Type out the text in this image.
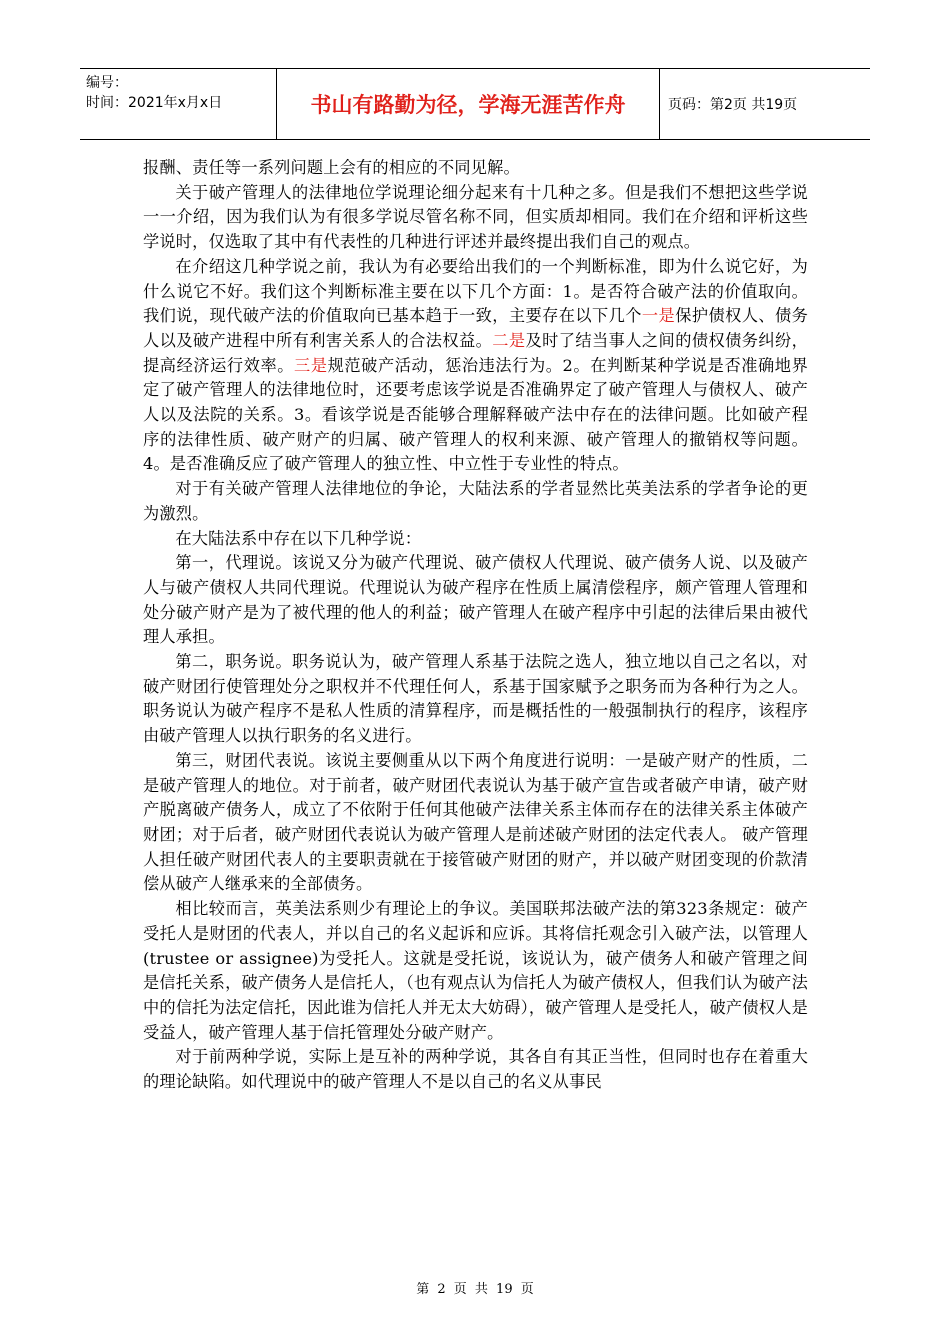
编号：
时间：2021年x月x日	书山有路勤为径，学海无涯苦作舟	页码：第2页 共19页

报酬、责任等一系列问题上会有的相应的不同见解。

关于破产管理人的法律地位学说理论细分起来有十几种之多。但是我们不想把这些学说一一介绍，因为我们认为有很多学说尽管名称不同，但实质却相同。我们在介绍和评析这些学说时，仅选取了其中有代表性的几种进行评述并最终提出我们自己的观点。

在介绍这几种学说之前，我认为有必要给出我们的一个判断标准，即为什么说它好，为什么说它不好。我们这个判断标准主要在以下几个方面：1。是否符合破产法的价值取向。我们说，现代破产法的价值取向已基本趋于一致，主要存在以下几个一是保护债权人、债务人以及破产进程中所有利害关系人的合法权益。二是及时了结当事人之间的债权债务纠纷，提高经济运行效率。三是规范破产活动，惩治违法行为。2。在判断某种学说是否准确地界定了破产管理人的法律地位时，还要考虑该学说是否准确界定了破产管理人与债权人、破产人以及法院的关系。3。看该学说是否能够合理解释破产法中存在的法律问题。比如破产程序的法律性质、破产财产的归属、破产管理人的权利来源、破产管理人的撤销权等问题。4。是否准确反应了破产管理人的独立性、中立性于专业性的特点。

对于有关破产管理人法律地位的争论，大陆法系的学者显然比英美法系的学者争论的更为激烈。

在大陆法系中存在以下几种学说：

第一，代理说。该说又分为破产代理说、破产债权人代理说、破产债务人说、以及破产人与破产债权人共同代理说。代理说认为破产程序在性质上属清偿程序，颇产管理人管理和处分破产财产是为了被代理的他人的利益；破产管理人在破产程序中引起的法律后果由被代理人承担。

第二，职务说。职务说认为，破产管理人系基于法院之选人，独立地以自己之名以，对破产财团行使管理处分之职权并不代理任何人，系基于国家赋予之职务而为各种行为之人。职务说认为破产程序不是私人性质的清算程序，而是概括性的一般强制执行的程序，该程序由破产管理人以执行职务的名义进行。

第三，财团代表说。该说主要侧重从以下两个角度进行说明：一是破产财产的性质，二是破产管理人的地位。对于前者，破产财团代表说认为基于破产宣告或者破产申请，破产财产脱离破产债务人，成立了不依附于任何其他破产法律关系主体而存在的法律关系主体破产财团；对于后者，破产财团代表说认为破产管理人是前述破产财团的法定代表人。 破产管理人担任破产财团代表人的主要职责就在于接管破产财团的财产，并以破产财团变现的价款清偿从破产人继承来的全部债务。

相比较而言，英美法系则少有理论上的争议。美国联邦法破产法的第323条规定：破产受托人是财团的代表人，并以自己的名义起诉和应诉。其将信托观念引入破产法，以管理人(trustee or assignee)为受托人。这就是受托说，该说认为，破产债务人和破产管理之间是信托关系，破产债务人是信托人，（也有观点认为信托人为破产债权人，但我们认为破产法中的信托为法定信托，因此谁为信托人并无太大妨碍），破产管理人是受托人，破产债权人是受益人，破产管理人基于信托管理处分破产财产。

对于前两种学说，实际上是互补的两种学说，其各自有其正当性，但同时也存在着重大的理论缺陷。如代理说中的破产管理人不是以自己的名义从事民

第 2 页 共 19 页
